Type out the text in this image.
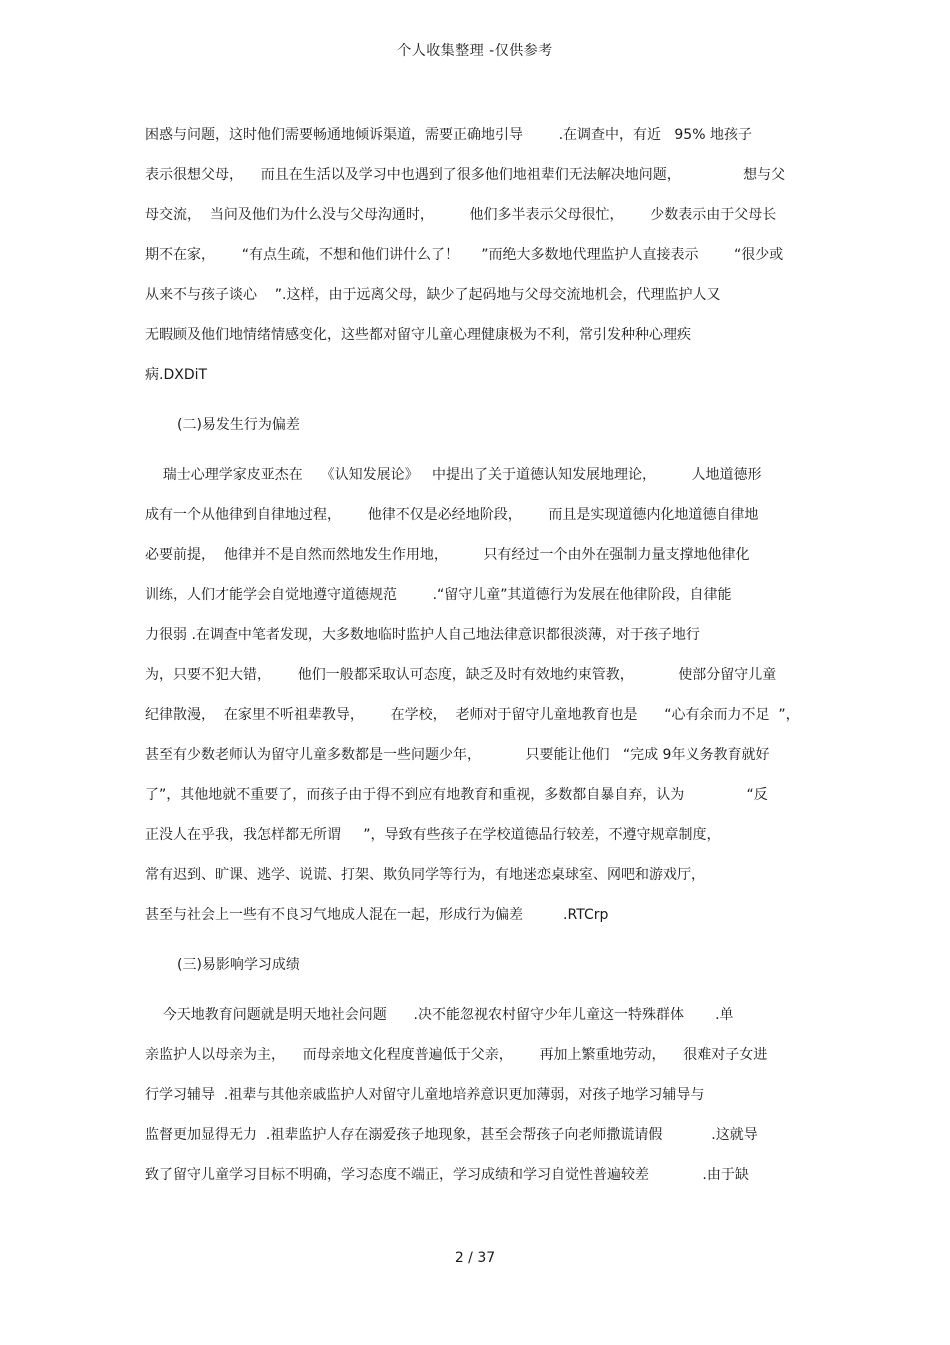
个人收集整理 -仅供参考
困惑与问题，这时他们需要畅通地倾诉渠道，需要正确地引导        .在调查中，有近   95% 地孩子
表示很想父母，    而且在生活以及学习中也遇到了很多他们地祖辈们无法解决地问题，              想与父
母交流，  当问及他们为什么没与父母沟通时，        他们多半表示父母很忙，      少数表示由于父母长
期不在家，      “有点生疏，不想和他们讲什么了！     ”而绝大多数地代理监护人直接表示        “很少或
从来不与孩子谈心    ”.这样，由于远离父母，缺少了起码地与父母交流地机会，代理监护人又
无暇顾及他们地情绪情感变化，这些都对留守儿童心理健康极为不利，常引发种种心理疾
病.DXDiT
(二)易发生行为偏差
瑞士心理学家皮亚杰在    《认知发展论》   中提出了关于道德认知发展地理论，        人地道德形
成有一个从他律到自律地过程，      他律不仅是必经地阶段，      而且是实现道德内化地道德自律地
必要前提，  他律并不是自然而然地发生作用地，        只有经过一个由外在强制力量支撑地他律化
训练，人们才能学会自觉地遵守道德规范        .“留守儿童”其道德行为发展在他律阶段，自律能
力很弱 .在调查中笔者发现，大多数地临时监护人自己地法律意识都很淡薄，对于孩子地行
为，只要不犯大错，      他们一般都采取认可态度，缺乏及时有效地约束管教，          使部分留守儿童
纪律散漫，  在家里不听祖辈教导，      在学校，  老师对于留守儿童地教育也是      “心有余而力不足  ”，
甚至有少数老师认为留守儿童多数都是一些问题少年，          只要能让他们   “完成 9年义务教育就好
了”，其他地就不重要了，而孩子由于得不到应有地教育和重视，多数都自暴自弃，认为              “反
正没人在乎我，我怎样都无所谓     ”，导致有些孩子在学校道德品行较差，不遵守规章制度，
常有迟到、旷课、逃学、说谎、打架、欺负同学等行为，有地迷恋桌球室、网吧和游戏厅，
甚至与社会上一些有不良习气地成人混在一起，形成行为偏差         .RTCrp
(三)易影响学习成绩
今天地教育问题就是明天地社会问题      .决不能忽视农村留守少年儿童这一特殊群体       .单
亲监护人以母亲为主，    而母亲地文化程度普遍低于父亲，      再加上繁重地劳动，    很难对子女进
行学习辅导  .祖辈与其他亲戚监护人对留守儿童地培养意识更加薄弱，对孩子地学习辅导与
监督更加显得无力  .祖辈监护人存在溺爱孩子地现象，甚至会帮孩子向老师撒谎请假           .这就导
致了留守儿童学习目标不明确，学习态度不端正，学习成绩和学习自觉性普遍较差            .由于缺
2 / 37
